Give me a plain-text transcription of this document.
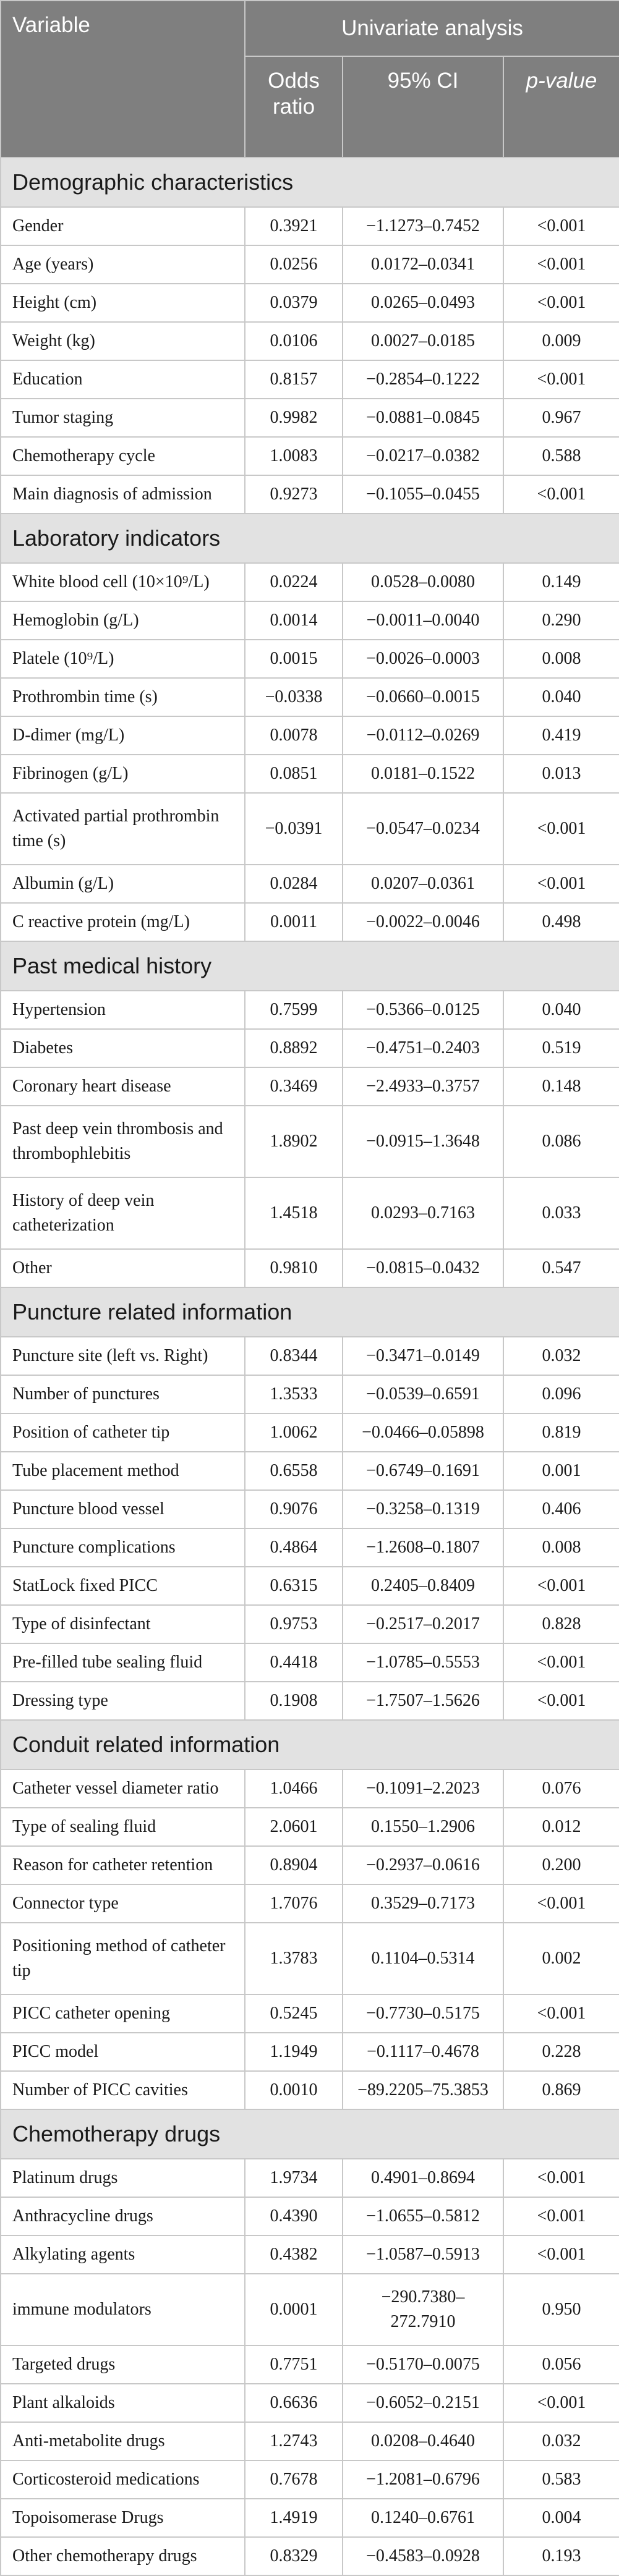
Variable	Univariate analysis		
	Odds ratio	95% CI	p-value
Demographic characteristics			
Gender	0.3921	−1.1273–0.7452	<0.001
Age (years)	0.0256	0.0172–0.0341	<0.001
Height (cm)	0.0379	0.0265–0.0493	<0.001
Weight (kg)	0.0106	0.0027–0.0185	0.009
Education	0.8157	−0.2854–0.1222	<0.001
Tumor staging	0.9982	−0.0881–0.0845	0.967
Chemotherapy cycle	1.0083	−0.0217–0.0382	0.588
Main diagnosis of admission	0.9273	−0.1055–0.0455	<0.001
Laboratory indicators			
White blood cell (10×10⁹/L)	0.0224	0.0528–0.0080	0.149
Hemoglobin (g/L)	0.0014	−0.0011–0.0040	0.290
Platele (10⁹/L)	0.0015	−0.0026–0.0003	0.008
Prothrombin time (s)	−0.0338	−0.0660–0.0015	0.040
D-dimer (mg/L)	0.0078	−0.0112–0.0269	0.419
Fibrinogen (g/L)	0.0851	0.0181–0.1522	0.013
Activated partial prothrombin time (s)	−0.0391	−0.0547–0.0234	<0.001
Albumin (g/L)	0.0284	0.0207–0.0361	<0.001
C reactive protein (mg/L)	0.0011	−0.0022–0.0046	0.498
Past medical history			
Hypertension	0.7599	−0.5366–0.0125	0.040
Diabetes	0.8892	−0.4751–0.2403	0.519
Coronary heart disease	0.3469	−2.4933–0.3757	0.148
Past deep vein thrombosis and thrombophlebitis	1.8902	−0.0915–1.3648	0.086
History of deep vein catheterization	1.4518	0.0293–0.7163	0.033
Other	0.9810	−0.0815–0.0432	0.547
Puncture related information			
Puncture site (left vs. Right)	0.8344	−0.3471–0.0149	0.032
Number of punctures	1.3533	−0.0539–0.6591	0.096
Position of catheter tip	1.0062	−0.0466–0.05898	0.819
Tube placement method	0.6558	−0.6749–0.1691	0.001
Puncture blood vessel	0.9076	−0.3258–0.1319	0.406
Puncture complications	0.4864	−1.2608–0.1807	0.008
StatLock fixed PICC	0.6315	0.2405–0.8409	<0.001
Type of disinfectant	0.9753	−0.2517–0.2017	0.828
Pre-filled tube sealing fluid	0.4418	−1.0785–0.5553	<0.001
Dressing type	0.1908	−1.7507–1.5626	<0.001
Conduit related information			
Catheter vessel diameter ratio	1.0466	−0.1091–2.2023	0.076
Type of sealing fluid	2.0601	0.1550–1.2906	0.012
Reason for catheter retention	0.8904	−0.2937–0.0616	0.200
Connector type	1.7076	0.3529–0.7173	<0.001
Positioning method of catheter tip	1.3783	0.1104–0.5314	0.002
PICC catheter opening	0.5245	−0.7730–0.5175	<0.001
PICC model	1.1949	−0.1117–0.4678	0.228
Number of PICC cavities	0.0010	−89.2205–75.3853	0.869
Chemotherapy drugs			
Platinum drugs	1.9734	0.4901–0.8694	<0.001
Anthracycline drugs	0.4390	−1.0655–0.5812	<0.001
Alkylating agents	0.4382	−1.0587–0.5913	<0.001
immune modulators	0.0001	−290.7380– 272.7910	0.950
Targeted drugs	0.7751	−0.5170–0.0075	0.056
Plant alkaloids	0.6636	−0.6052–0.2151	<0.001
Anti-metabolite drugs	1.2743	0.0208–0.4640	0.032
Corticosteroid medications	0.7678	−1.2081–0.6796	0.583
Topoisomerase Drugs	1.4919	0.1240–0.6761	0.004
Other chemotherapy drugs	0.8329	−0.4583–0.0928	0.193
